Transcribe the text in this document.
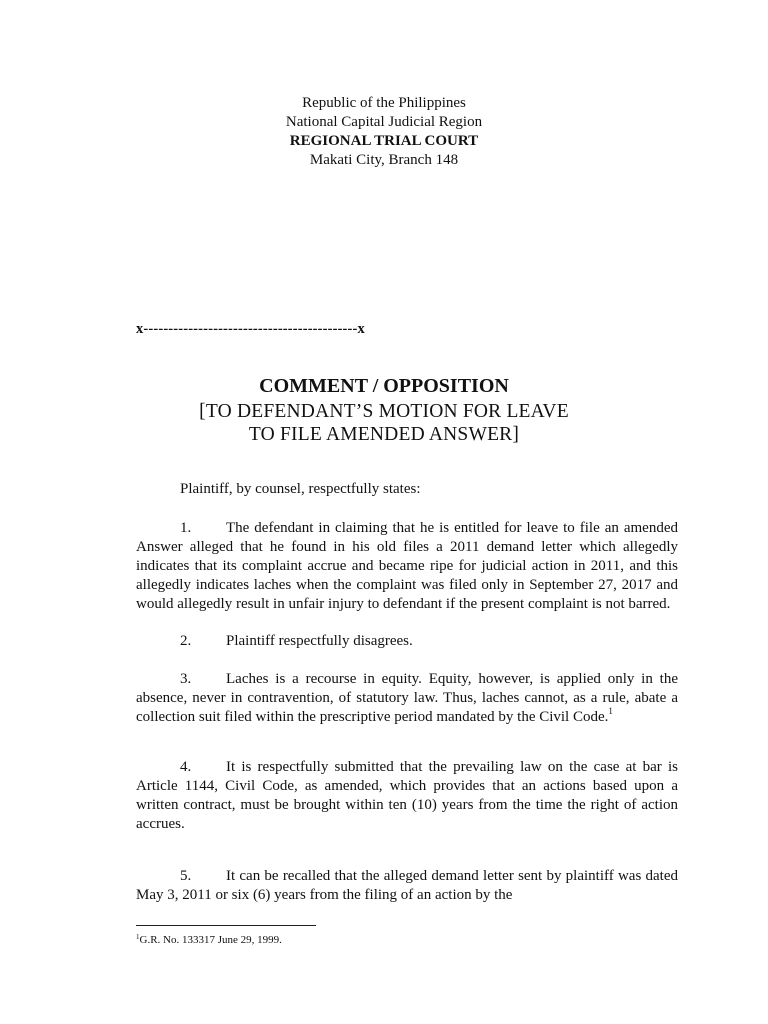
Republic of the Philippines
National Capital Judicial Region
REGIONAL TRIAL COURT
Makati City, Branch 148
x-------------------------------------------x
COMMENT / OPPOSITION
[TO DEFENDANT’S MOTION FOR LEAVE
TO FILE AMENDED ANSWER]

Plaintiff, by counsel, respectfully states:

1. The defendant in claiming that he is entitled for leave to file an amended Answer alleged that he found in his old files a 2011 demand letter which allegedly indicates that its complaint accrue and became ripe for judicial action in 2011, and this allegedly indicates laches when the complaint was filed only in September 27, 2017 and would allegedly result in unfair injury to defendant if the present complaint is not barred.

2. Plaintiff respectfully disagrees.

3. Laches is a recourse in equity. Equity, however, is applied only in the absence, never in contravention, of statutory law. Thus, laches cannot, as a rule, abate a collection suit filed within the prescriptive period mandated by the Civil Code.$^1$

4. It is respectfully submitted that the prevailing law on the case at bar is Article 1144, Civil Code, as amended, which provides that an actions based upon a written contract, must be brought within ten (10) years from the time the right of action accrues.

5. It can be recalled that the alleged demand letter sent by plaintiff was dated May 3, 2011 or six (6) years from the filing of an action by the

$^1$G.R. No. 133317 June 29, 1999.
